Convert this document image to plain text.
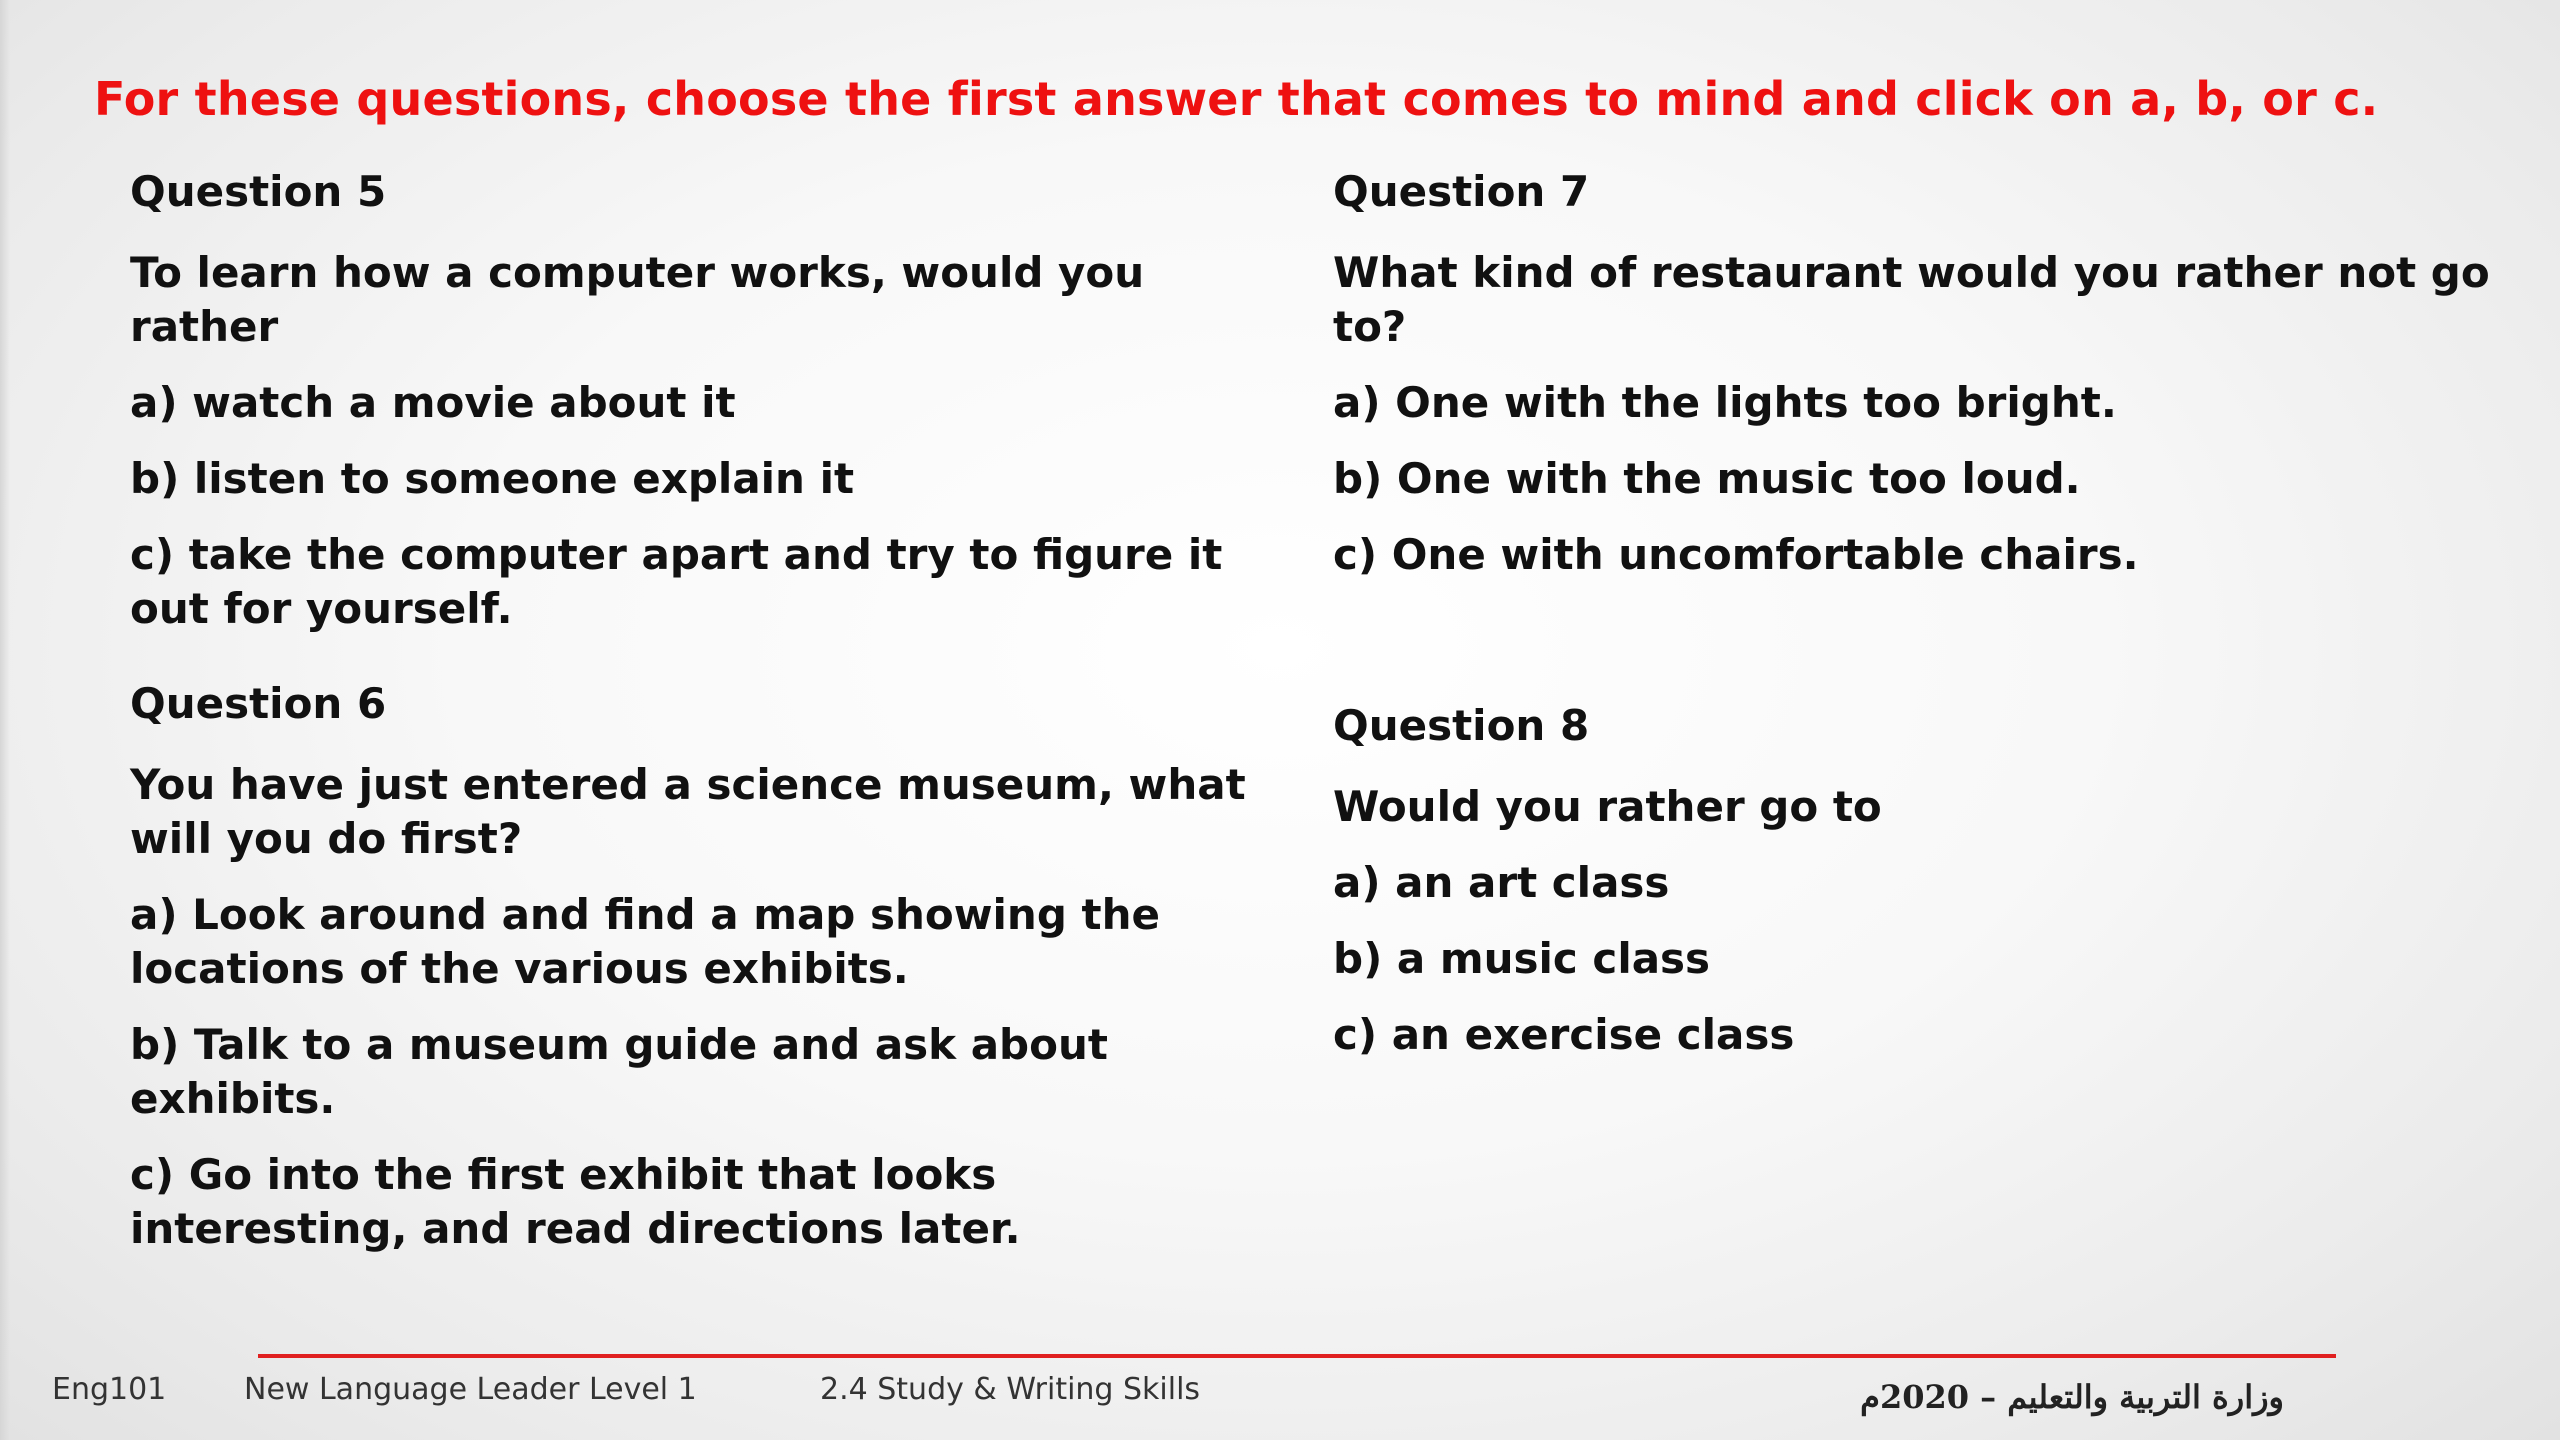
For these questions, choose the first answer that comes to mind and click on a, b, or c.
Question 5
To learn how a computer works, would you rather
a) watch a movie about it
b) listen to someone explain it
c) take the computer apart and try to figure it out for yourself.
Question 6
You have just entered a science museum, what will you do first?
a) Look around and find a map showing the locations of the various exhibits.
b) Talk to a museum guide and ask about exhibits.
c) Go into the first exhibit that looks interesting, and read directions later.
Question 7
What kind of restaurant would you rather not go to?
a) One with the lights too bright.
b) One with the music too loud.
c) One with uncomfortable chairs.
Question 8
Would you rather go to
a) an art class
b) a music class
c) an exercise class
Eng101	New Language Leader Level 1	2.4 Study & Writing Skills	وزارة التربية والتعليم – 2020م
